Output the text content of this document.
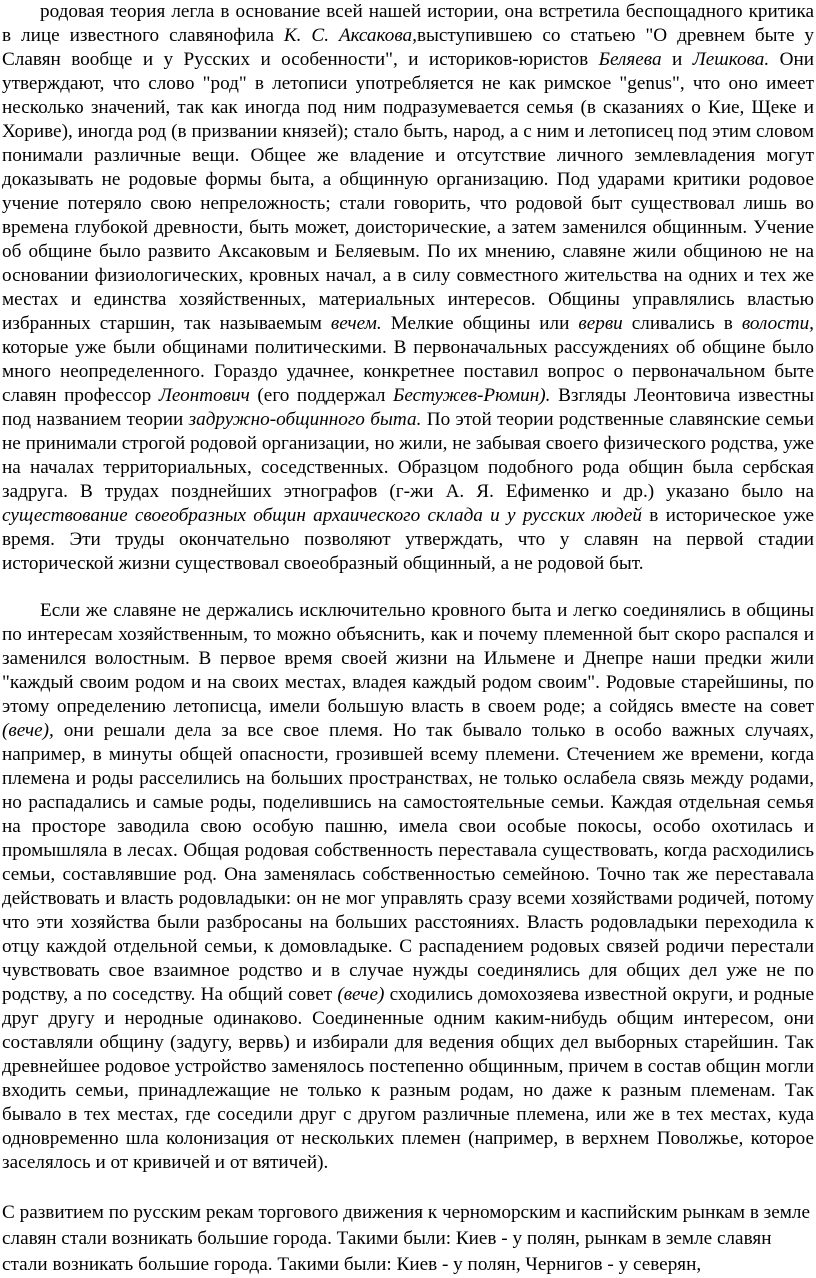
родовая теория легла в основание всей нашей истории, она встретила беспощадного критика в лице известного славянофила К. С. Аксакова,выступившею со статьею "О древнем быте у Славян вообще и у Русских и особенности", и историков-юристов Беляева и Лешкова. Они утверждают, что слово "род" в летописи употребляется не как римское "genus", что оно имеет несколько значений, так как иногда под ним подразумевается семья (в сказаниях о Кие, Щеке и Хориве), иногда род (в призвании князей); стало быть, народ, а с ним и летописец под этим словом понимали различные вещи. Общее же владение и отсутствие личного землевладения могут доказывать не родовые формы быта, а общинную организацию. Под ударами критики родовое учение потеряло свою непреложность; стали говорить, что родовой быт существовал лишь во времена глубокой древности, быть может, доисторические, а затем заменился общинным. Учение об общине было развито Аксаковым и Беляевым. По их мнению, славяне жили общиною не на основании физиологических, кровных начал, а в силу совместного жительства на одних и тех же местах и единства хозяйственных, материальных интересов. Общины управлялись властью избранных старшин, так называемым вечем. Мелкие общины или верви сливались в волости, которые уже были общинами политическими. В первоначальных рассуждениях об общине было много неопределенного. Гораздо удачнее, конкретнее поставил вопрос о первоначальном быте славян профессор Леонтович (его поддержал Бестужев-Рюмин). Взгляды Леонтовича известны под названием теории задружно-общинного быта. По этой теории родственные славянские семьи не принимали строгой родовой организации, но жили, не забывая своего физического родства, уже на началах территориальных, соседственных. Образцом подобного рода общин была сербская задруга. В трудах позднейших этнографов (г-жи А. Я. Ефименко и др.) указано было на существование своеобразных общин архаического склада и у русских людей в историческое уже время. Эти труды окончательно позволяют утверждать, что у славян на первой стадии исторической жизни существовал своеобразный общинный, а не родовой быт.

Если же славяне не держались исключительно кровного быта и легко соединялись в общины по интересам хозяйственным, то можно объяснить, как и почему племенной быт скоро распался и заменился волостным. В первое время своей жизни на Ильмене и Днепре наши предки жили "каждый своим родом и на своих местах, владея каждый родом своим". Родовые старейшины, по этому определению летописца, имели большую власть в своем роде; а сойдясь вместе на совет (вече), они решали дела за все свое племя. Но так бывало только в особо важных случаях, например, в минуты общей опасности, грозившей всему племени. Стечением же времени, когда племена и роды расселились на больших пространствах, не только ослабела связь между родами, но распадались и самые роды, поделившись на самостоятельные семьи. Каждая отдельная семья на просторе заводила свою особую пашню, имела свои особые покосы, особо охотилась и промышляла в лесах. Общая родовая собственность переставала существовать, когда расходились семьи, составлявшие род. Она заменялась собственностью семейною. Точно так же переставала действовать и власть родовладыки: он не мог управлять сразу всеми хозяйствами родичей, потому что эти хозяйства были разбросаны на больших расстояниях. Власть родовладыки переходила к отцу каждой отдельной семьи, к домовладыке. С распадением родовых связей родичи перестали чувствовать свое взаимное родство и в случае нужды соединялись для общих дел уже не по родству, а по соседству. На общий совет (вече) сходились домохозяева известной округи, и родные друг другу и неродные одинаково. Соединенные одним каким-нибудь общим интересом, они составляли общину (задугу, вервь) и избирали для ведения общих дел выборных старейшин. Так древнейшее родовое устройство заменялось постепенно общинным, причем в состав общин могли входить семьи, принадлежащие не только к разным родам, но даже к разным племенам. Так бывало в тех местах, где соседили друг с другом различные племена, или же в тех местах, куда одновременно шла колонизация от нескольких племен (например, в верхнем Поволжье, которое заселялось и от кривичей и от вятичей).

С развитием по русским рекам торгового движения к черноморским и каспийским рынкам в земле славян стали возникать большие города. Такими были: Киев - у полян, рынкам в земле славян стали возникать большие города. Такими были: Киев - у полян, Чернигов - у северян,
